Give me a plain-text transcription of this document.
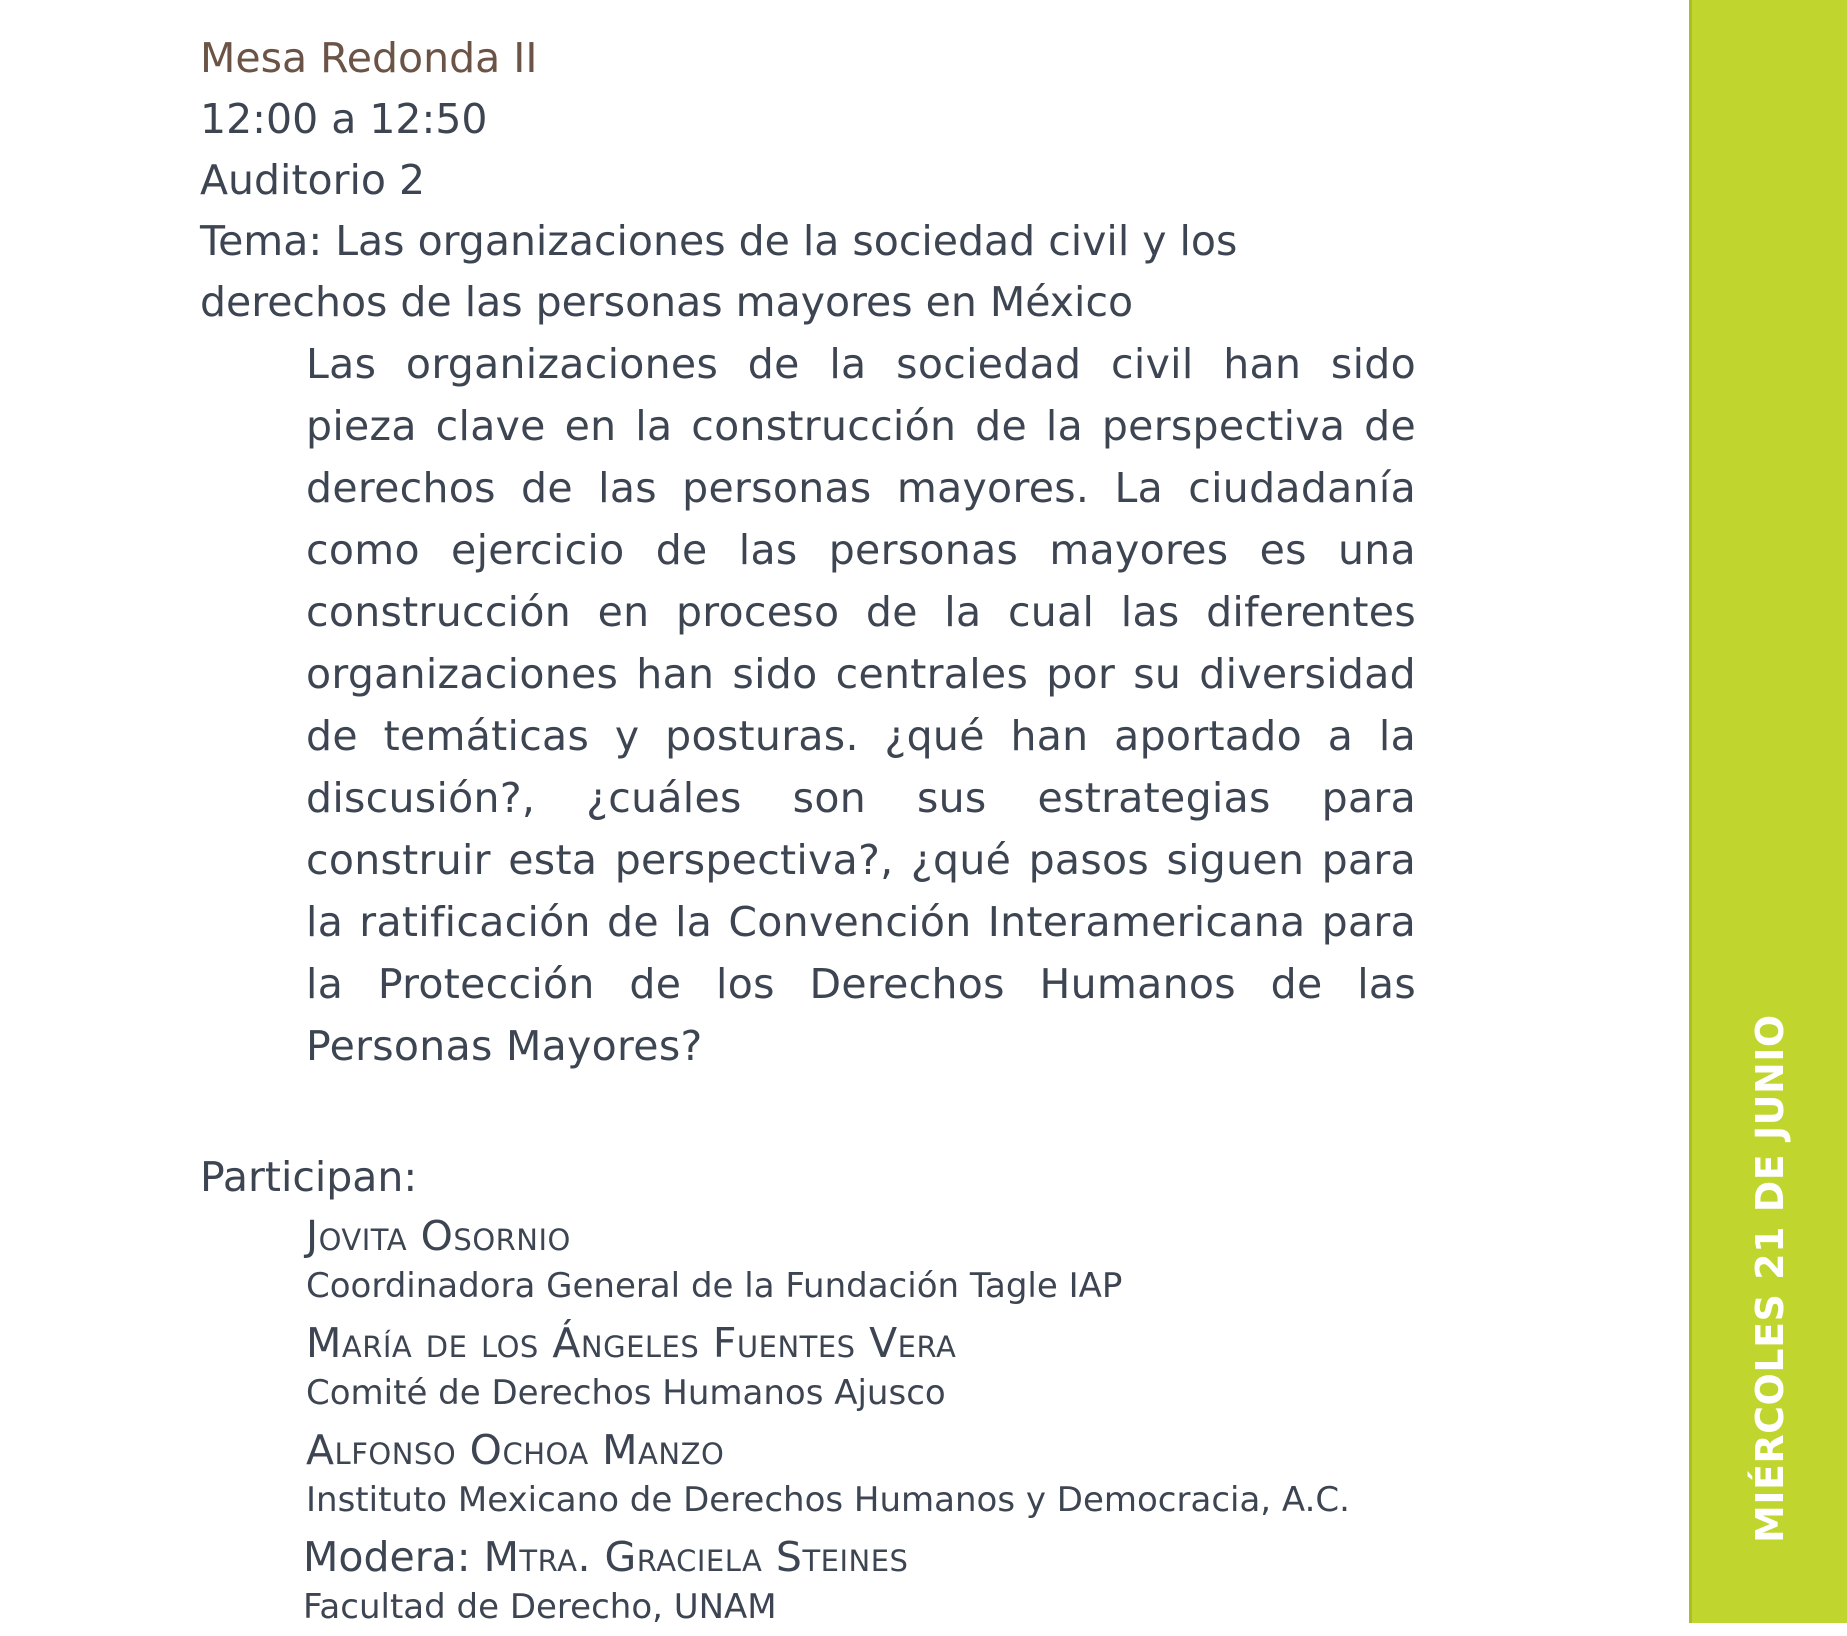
Mesa Redonda II

12:00 a 12:50

Auditorio 2

Tema: Las organizaciones de la sociedad civil y los derechos de las personas mayores en México

Las organizaciones de la sociedad civil han sido pieza clave en la construcción de la perspectiva de derechos de las personas mayores. La ciudadanía como ejercicio de las personas mayores es una construcción en proceso de la cual las diferentes organizaciones han sido centrales por su diversidad de temáticas y posturas. ¿qué han aportado a la discusión?, ¿cuáles son sus estrategias para construir esta perspectiva?, ¿qué pasos siguen para la ratificación de la Convención Interamericana para la Protección de los Derechos Humanos de las Personas Mayores?

Participan:

Jovita Osornio

Coordinadora General de la Fundación Tagle IAP

María de los Ángeles Fuentes Vera

Comité de Derechos Humanos Ajusco

Alfonso Ochoa Manzo

Instituto Mexicano de Derechos Humanos y Democracia, A.C.

Modera: Mtra. Graciela Steines

Facultad de Derecho, UNAM

MIÉRCOLES 21 DE JUNIO
